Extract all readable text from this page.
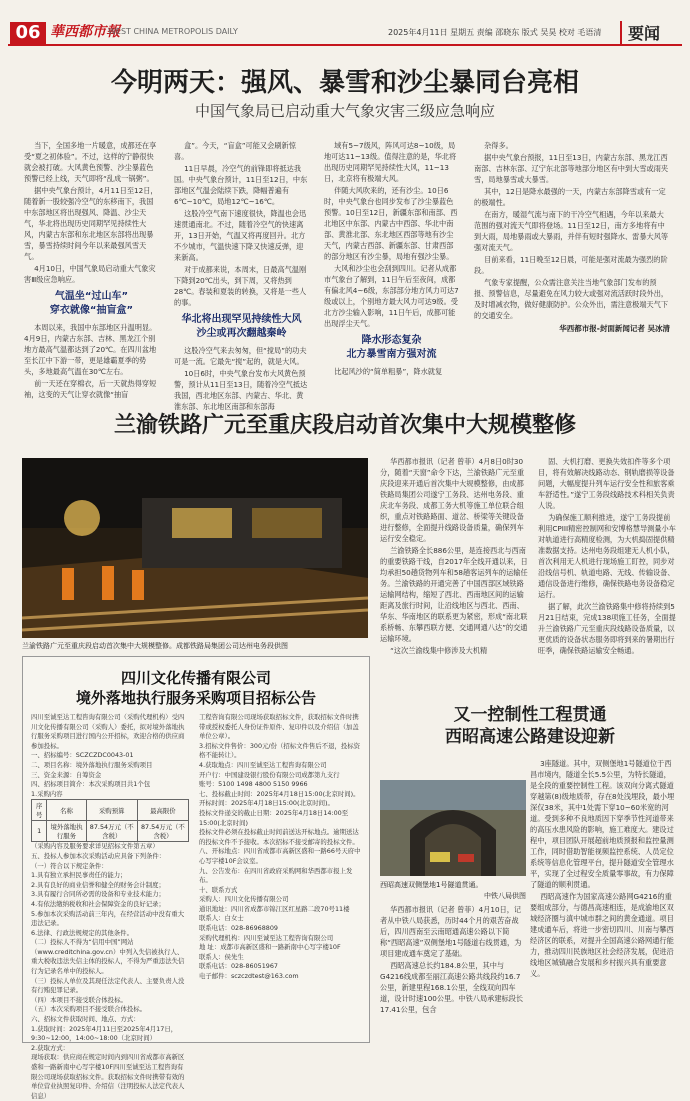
06 華西都市報
WEST CHINA METROPOLIS DAILY	2025年4月11日 星期五 责编 邵晓东 版式 吴昊 校对 毛语清	要闻
今明两天：强风、暴雪和沙尘暴同台亮相
中国气象局已启动重大气象灾害三级应急响应

当下，全国多地一片暖意，成都还在享受“夏之初体验”。不过，这样的宁静很快就会被打破。大风黄色预警、沙尘暴蓝色预警已经上线，天气即将“乱成一锅粥”。

据中央气象台预计，4月11日至12日，随着新一股较强冷空气的东移南下，我国中东部地区将出现强风、降温、沙尘天气，华北将出现历史同期罕见持续性大风，内蒙古东部和东北地区东部将出现暴雪，暴雪持续时间今年以来最强风雪天气。

4月10日，中国气象局启动重大气象灾害Ⅲ级应急响应。

气温坐“过山车”
穿衣就像“抽盲盒”

本周以来，我国中东部地区升温明显。4月9日，内蒙古东部、吉林、黑龙江个别地方最高气温都达到了20℃。在四川盆地至长江中下游一带，更是雄霸夏季的势头，多地最高气温在30℃左右。

前一天还在穿棉衣，后一天就热得穿短袖，这变的天气让穿衣就像“抽盲

盒”。今天，“盲盒”可能又会刷新惊喜。

11日早晨，冷空气的前锋即将抵达我国。中央气象台预计，11日至12日，中东部地区气温会陆续下跌，降幅普遍有6℃~10℃，局地12℃~16℃。

这股冷空气南下速度很快，降温也会迅速贯通南北。不过，随着冷空气的快速离开，13日开始，气温又将再度回升。北方不少城市，气温快速下降又快速反弹，迎来新高。

对于成都来说，本周末，日最高气温刚下降到20℃出头，到下周，又将热到28℃。春装和夏装的转换，又将是一些人的事。

华北将出现罕见持续性大风
沙尘或再次翻越秦岭

这股冷空气来去匆匆，但“搅局”的功夫可是一流。它最先“搅”起的，就是大风。

10日6时，中央气象台发布大风黄色预警，预计从11日至13日，随着冷空气抵达我国，西北地区东部、内蒙古、华北、黄淮东部、东北地区南部和东部海

域有5~7级风，阵风可达8~10级，局地可达11~13级。值得注意的是，华北将出现历史同期罕见持续性大风，11~13日，北京将有极端大风。

伴随大风吹来的，还有沙尘。10日6时，中央气象台也同步发布了沙尘暴蓝色预警。10日至12日，新疆东部和南部、西北地区中东部、内蒙古中西部、华北中南部、黄淮北部、东北地区西部等地有沙尘天气，内蒙古西部、新疆东部、甘肃西部的部分地区有沙尘暴，局地有强沙尘暴。

大风和沙尘也会刮到四川。记者从成都市气象台了解到，11日午后至夜间，成都有偏北风4~6级，东部部分地方风力可达7级或以上，个别地方最大风力可达9级。受北方沙尘输入影响，11日午后，成都可能出现浮尘天气。

降水形态复杂
北方暴雪南方强对流

比起风沙的“简单粗暴”，降水就复

杂得多。

据中央气象台预报，11日至13日，内蒙古东部、黑龙江西南部、吉林东部、辽宁东北部等地部分地区有中到大雪或雨夹雪，局地暴雪或大暴雪。

其中，12日是降水最强的一天，内蒙古东部降雪或有一定的极端性。

在南方，暖湿气流与南下的干冷空气相遇，今年以来最大范围的强对流天气即将登场。11日至12日，南方多地将有中到大雨，局地暴雨或大暴雨，并伴有短时强降水、雷暴大风等强对流天气。

目前来看，11日晚至12日晨，可能是强对流最为强烈的阶段。

气象专家提醒，公众需注意关注当地气象部门发布的预报、预警信息，尽量避免在风力较大或强对流活跃时段外出，及时增减衣物，做好健康防护。公众外出，需注意极端天气下的交通安全。

华西都市报-封面新闻记者 吴冰清
兰渝铁路广元至重庆段启动首次集中大规模整修
兰渝铁路广元至重庆段启动首次集中大规模整修。成都铁路局集团公司达州电务段供图

华西都市报讯（记者 曾菲）4月8日0时30分，随着“天窗”命令下达，兰渝铁路广元至重庆段迎来开通后首次集中大规模整修，由成都铁路局集团公司遂宁工务段、达州电务段、重庆北车务段、成都工务大机等施工单位联合组织，重点对铁路路面、道岔、桥梁等关键设备进行整修，全面提升线路设备质量，确保列车运行安全稳定。

兰渝铁路全长886公里，是连接西北与西南的重要铁路干线，自2017年全线开通以来，日均承担50趟货物列车和58趟客运列车的运输任务。兰渝铁路的开通完善了中国西部区域铁路运输网结构，缩短了西北、西南地区间的运输距离及旅行时间，让沿线地区与西北、西南、华东、华南地区的联系更为紧密，形成“南北联系桥畅、东攀西联方便、交通网通八达”的交通运输环境。

“这次兰渝线集中修涉及大机精

固、大机打磨、更换失效扣件等多个项目，将有效解决线路动态、钢轨磨损等设备问题，大幅度提升列车运行安全性和旅客乘车舒适性。”遂宁工务段线路技术科相关负责人说。

为确保施工顺利推进，遂宁工务段提前利用CPIII精密控制网和安博格慧导测量小车对轨道进行高精度检测，为大机捣固提供精准数据支持。达州电务段组建无人机小队，首次利用无人机进行现场施工盯控，同步对沿线信号机、轨道电路、无线、传输设备、通信设备进行维修，确保铁路电务设备稳定运行。

据了解，此次兰渝铁路集中修将持续到5月21日结束，完成138项施工任务，全面提升兰渝铁路广元至重庆段线路设备质量，以更优质的设备状态服务即将到来的暑期出行旺季，确保铁路运输安全畅通。

四川文化传播有限公司
境外落地执行服务采购项目招标公告

四川至诚至达工程咨询有限公司（采购代理机构）受四川文化传播有限公司（采购人）委托，拟对境外落地执行服务采购项目进行国内公开招标，欢迎合格的供应商参加投标。

一、招标编号：SCZCZDC0043-01

二、项目名称：境外落地执行服务采购项目

三、资金来源：自筹资金

四、招标项目简介：本次采购项目共1个包

1.采购内容

序号	名称	采购预算	最高限价
1	境外落地执行服务	87.54万元（不含税）	87.54万元（不含税）

（采购内容及服务要求详见招标文件第五章）

五、投标人参加本次采购活动应具备下列条件：

（一）符合以下规定条件：

1.具有独立承担民事责任的能力；

2.具有良好的商业信誉和健全的财务会计制度；

3.具有履行合同所必需的设备和专业技术能力；

4.有依法缴纳税收和社会保障资金的良好记录；

5.参加本次采购活动前三年内，在经营活动中没有重大违法记录。

6.法律、行政法规规定的其他条件。

（二）投标人不得为“信用中国”网站（www.creditchina.gov.cn）中列入失信被执行人、重大税收违法失信主体的投标人，不得为严重违法失信行为记录名单中的投标人。

（三）投标人单位及其现任法定代表人、主要负责人没有行贿犯罪记录。

（四）本项目不接受联合体投标。

（五）本次采购项目不接受联合体投标。

六、招标文件获取时间、地点、方式：

1.获取时间：2025年4月11日至2025年4月17日，9:30~12:00，14:00~18:00（北京时间）

2.获取方式：

现场获取：供应商在规定时间内到四川省成都市高新区盛和一路新南中心写字楼10F四川至诚至达工程咨询有限公司现场获取招标文件。获取招标文件时携带有效的单位营业执照复印件、介绍信（注明投标人法定代表人信息）

工程咨询有限公司现场获取招标文件，获取招标文件时携带或授权委托人身份证件原件、复印件以及介绍信（加盖单位公章）。

3.招标文件售价：300元/份（招标文件售后不退，投标资格不能转让）。

4.获取地点：四川至诚至达工程咨询有限公司

开户行：中国建设银行股份有限公司成都第九支行

账号：5100 1498 4800 5150 9966

七、投标截止时间：2025年4月18日15:00(北京时间)。

开标时间：2025年4月18日15:00(北京时间)。

投标文件递交的截止日期：2025年4月18日14:00至15:00(北京时间)

投标文件必须在投标截止时间前送达开标地点。逾期送达的投标文件不予接收。本次招标不接受邮寄的投标文件。

八、开标地点：四川省成都市高新区盛和一路66号天府中心写字楼10F会议室。

九、公告发布：在四川省政府采购网和华西都市报上发布。

十、联系方式

采购人：四川文化传播有限公司

通讯地址：四川省成都市锦江区红星路二段70号11楼

联系人：白女士

联系电话：028-86968809

采购代理机构：四川至诚至达工程咨询有限公司

地 址：成都市高新区盛和一路新南中心写字楼10F

联系人：侯先生

联系电话：028-86051967

电子邮件：sczczdtest@163.com

又一控制性工程贯通
西昭高速公路建设迎新
西昭高速双侧堡地1号隧道贯通。
中铁八局供图

3座隧道。其中，双侧堡地1号隧道位于西昌市境内，隧道全长5.5公里，为特长隧道，是全段的重要控制性工程。该双向分离式隧道穿越第(8)级地质带，存在8处浅埋段，最小埋深仅38米，其中1处需下穿10~60米宽的河道。受到多种不良地质因下穿季节性河道带来的高压水患风险的影响，施工难度大。建设过程中，项目团队开展超前地质预报和监控量测工作，同时借助智能视频监控系统、人员定位系统等信息化管理平台，提升隧道安全管理水平，实现了全过程安全质量零事故，有力保障了隧道的顺利贯通。

西昭高速作为国家高速公路网G4216的重要组成部分，与德昌高速相连，是成渝地区双城经济圈与滇中城市群之间的黄金通道。项目建成通车后，将进一步密切四川、川南与攀西经济区的联系，对提升全国高速公路网通行能力，推动四川民族地区社会经济发展，促进沿线地区城镇融合发展和乡村振兴具有重要意义。

华西都市报讯（记者 曾菲）4月10日，记者从中铁八局获悉，历时44个月的艰苦奋战后，四川西南至云南昭通高速公路以下简称“西昭高速”双侧堡地1号隧道右线贯通，为项目建成通车奠定了基础。

西昭高速总长约184.8公里，其中与G4216线成都至丽江高速公路共线段约16.7公里，新建里程168.1公里，全线双向四车道，设计时速100公里。中铁八局承建标段长17.41公里，包含
